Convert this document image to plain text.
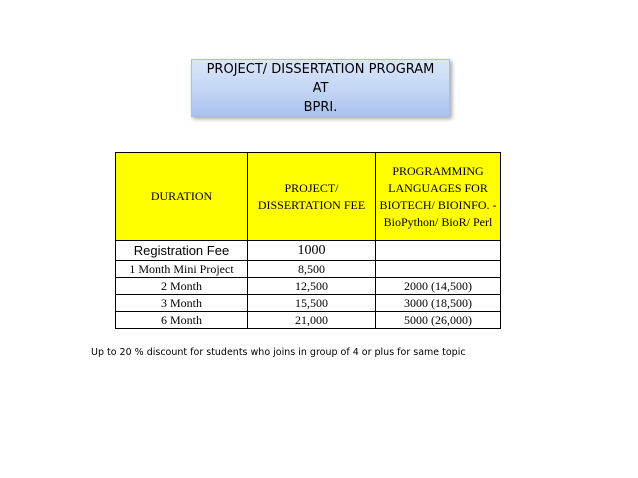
PROJECT/ DISSERTATION PROGRAM AT
BPRI.
DURATION	PROJECT/ DISSERTATION FEE	PROGRAMMING LANGUAGES FOR BIOTECH/ BIOINFO. - BioPython/ BioR/ Perl
Registration Fee	1000	
1 Month Mini Project	8,500	
2 Month	12,500	2000 (14,500)
3 Month	15,500	3000 (18,500)
6 Month	21,000	5000 (26,000)
Up to 20 % discount for students who joins in group of 4 or plus for same topic
